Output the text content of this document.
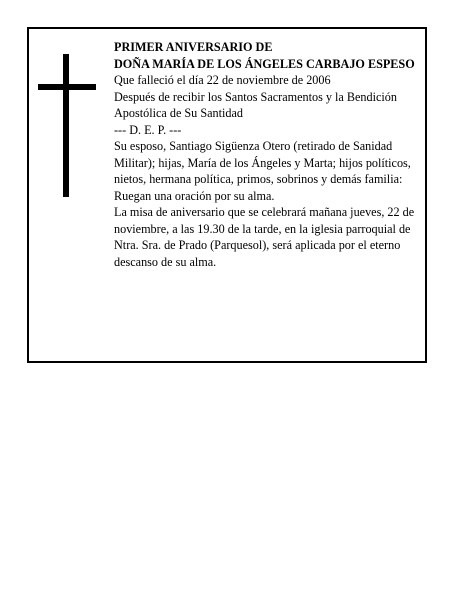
PRIMER ANIVERSARIO DE

DOÑA MARÍA DE LOS ÁNGELES CARBAJO ESPESO

Que falleció el día 22 de noviembre de 2006

Después de recibir los Santos Sacramentos y la Bendición Apostólica de Su Santidad

--- D. E. P. ---

Su esposo, Santiago Sigüenza Otero (retirado de Sanidad Militar); hijas, María de los Ángeles y Marta; hijos políticos, nietos, hermana política, primos, sobrinos y demás familia:

Ruegan una oración por su alma.

La misa de aniversario que se celebrará mañana jueves, 22 de noviembre, a las 19.30 de la tarde, en la iglesia parroquial de Ntra. Sra. de Prado (Parquesol), será aplicada por el eterno descanso de su alma.
